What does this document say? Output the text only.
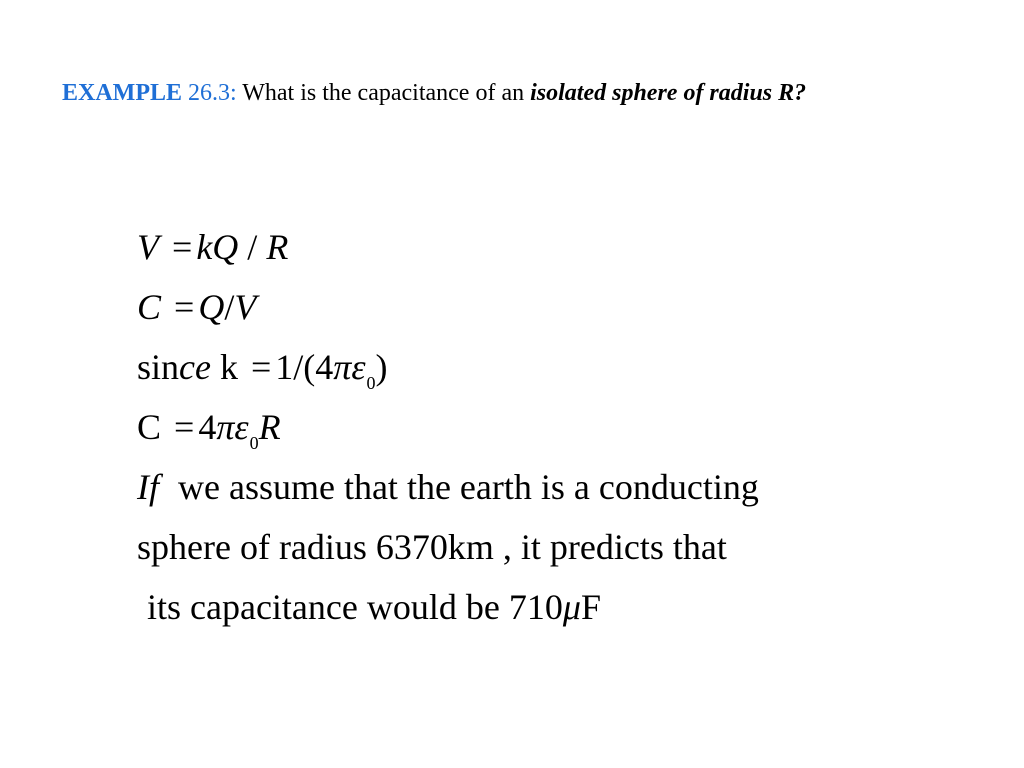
EXAMPLE 26.3: What is the capacitance of an isolated sphere of radius R?
V = kQ / R
C = Q/V
since $k = 1/(4\pi\varepsilon_0)$
$C = 4\pi\varepsilon_0R$
If we assume that the earth is a conducting
sphere of radius 6370km , it predicts that
its capacitance would be 710μF
